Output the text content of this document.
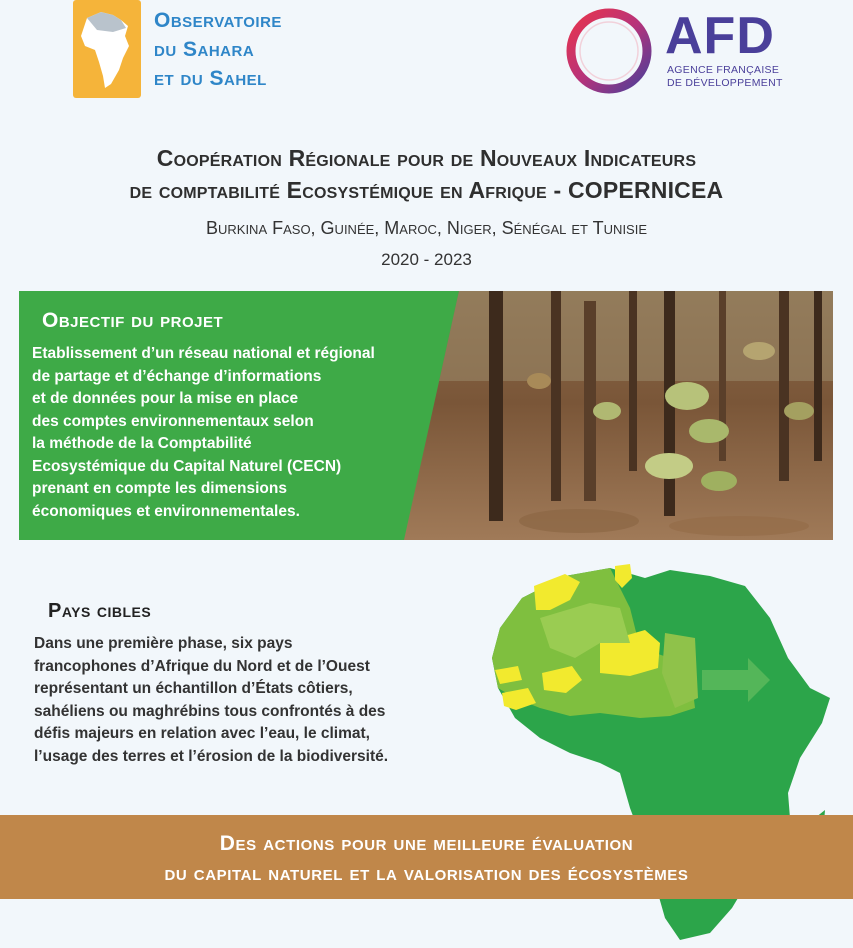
Observatoire
du Sahara
et du Sahel
AFD
AGENCE FRANÇAISE
DE DÉVELOPPEMENT
Coopération Régionale pour de Nouveaux Indicateurs
de comptabilité Ecosystémique en Afrique - COPERNICEA
Burkina Faso, Guinée, Maroc, Niger, Sénégal et Tunisie
2020 - 2023
Objectif du projet
Etablissement d’un réseau national et régional
de partage et d’échange d’informations
et de données pour la mise en place
des comptes environnementaux selon
la méthode de la Comptabilité
Ecosystémique du Capital Naturel (CECN)
prenant en compte les dimensions
économiques et environnementales.
Pays cibles
Dans une première phase, six pays
francophones d’Afrique du Nord et de l’Ouest
représentant un échantillon d’États côtiers,
sahéliens ou maghrébins tous confrontés à des
défis majeurs en relation avec l’eau, le climat,
l’usage des terres et l’érosion de la biodiversité.
Des actions pour une meilleure évaluation
du capital naturel et la valorisation des écosystèmes
